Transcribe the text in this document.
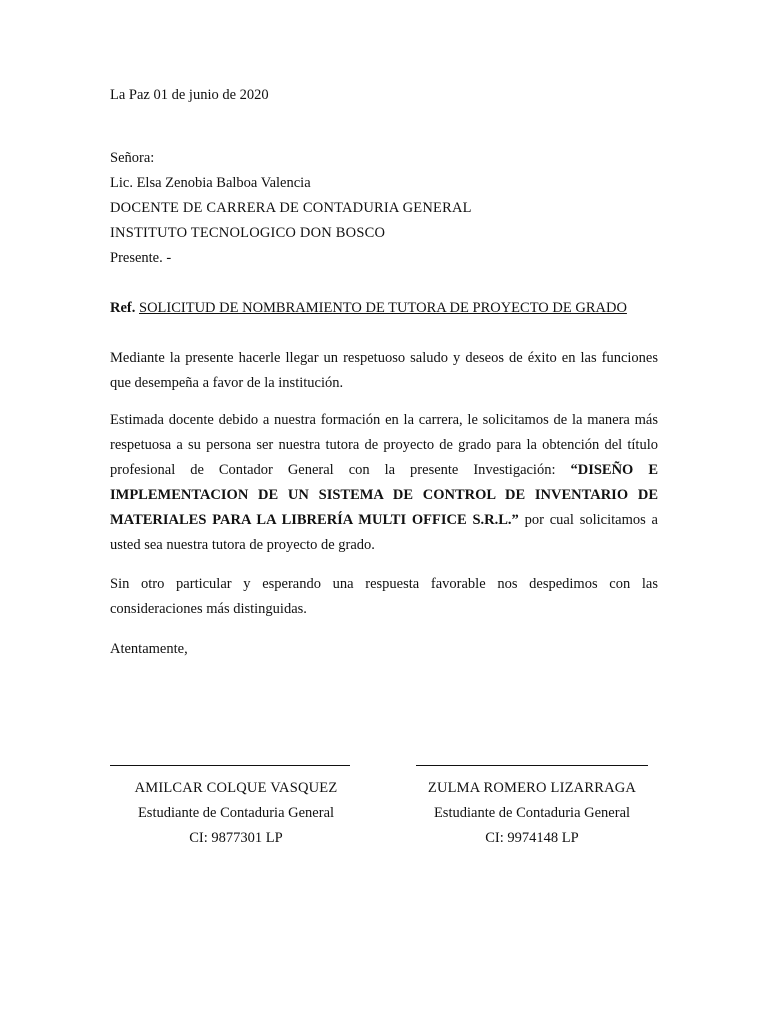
La Paz 01 de junio de 2020
Señora:
Lic. Elsa Zenobia Balboa Valencia
DOCENTE DE CARRERA DE CONTADURIA GENERAL
INSTITUTO TECNOLOGICO DON BOSCO
Presente. -
Ref. SOLICITUD DE NOMBRAMIENTO DE TUTORA DE PROYECTO DE GRADO
Mediante la presente hacerle llegar un respetuoso saludo y deseos de éxito en las funciones que desempeña a favor de la institución.
Estimada docente debido a nuestra formación en la carrera, le solicitamos de la manera más respetuosa a su persona ser nuestra tutora de proyecto de grado para la obtención del título profesional de Contador General con la presente Investigación: “DISEÑO E IMPLEMENTACION DE UN SISTEMA DE CONTROL DE INVENTARIO DE MATERIALES PARA LA LIBRERÍA MULTI OFFICE S.R.L.” por cual solicitamos a usted sea nuestra tutora de proyecto de grado.
Sin otro particular y esperando una respuesta favorable nos despedimos con las consideraciones más distinguidas.
Atentamente,
AMILCAR COLQUE VASQUEZ
Estudiante de Contaduria General
CI: 9877301 LP
ZULMA ROMERO LIZARRAGA
Estudiante de Contaduria General
CI: 9974148 LP
